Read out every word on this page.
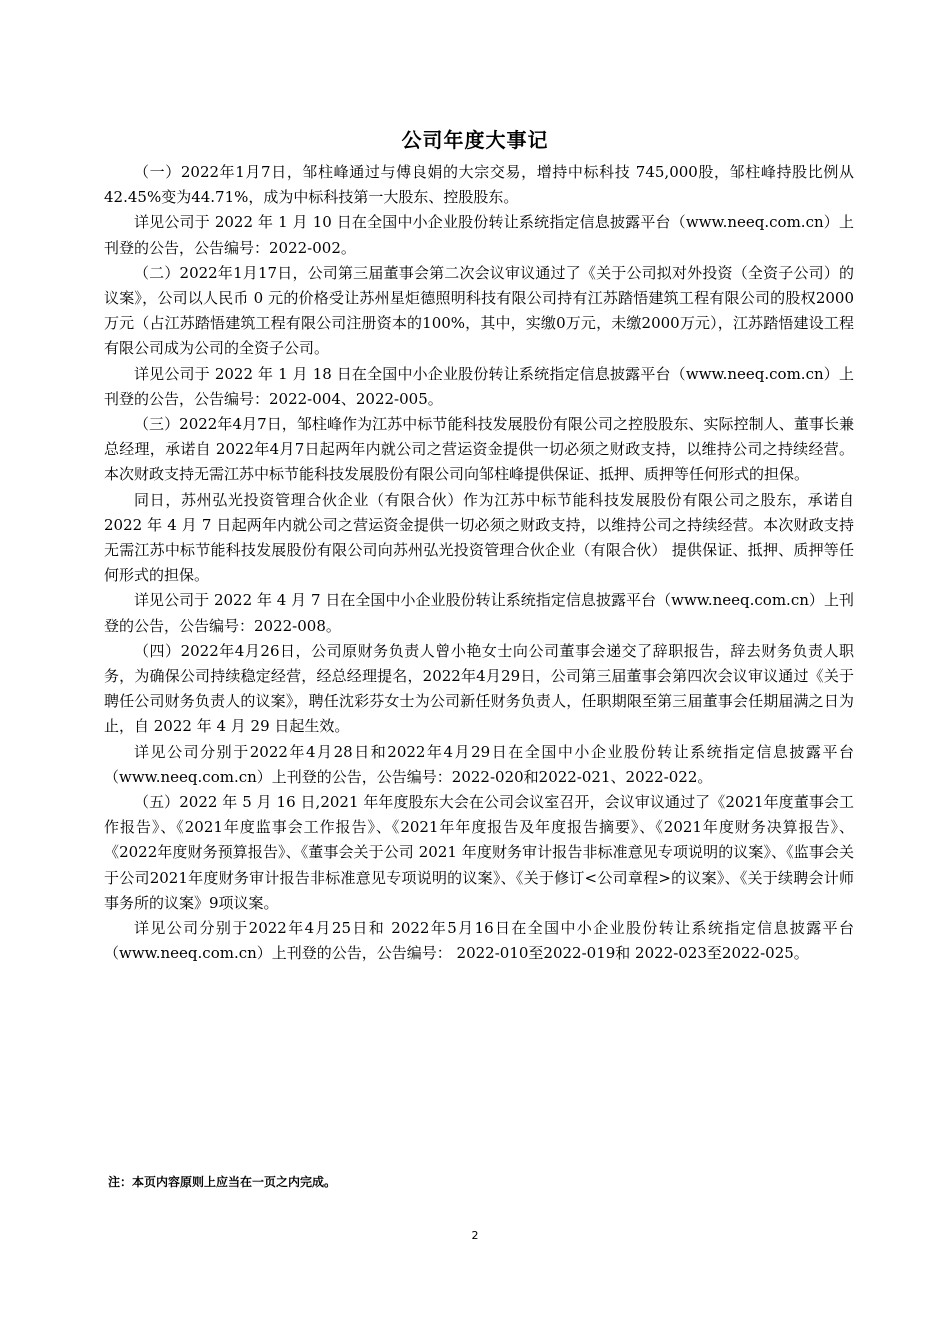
公司年度大事记

（一）2022年1月7日，邹柱峰通过与傅良娟的大宗交易，增持中标科技 745,000股，邹柱峰持股比例从42.45%变为44.71%，成为中标科技第一大股东、控股股东。

详见公司于 2022 年 1 月 10 日在全国中小企业股份转让系统指定信息披露平台（www.neeq.com.cn）上刊登的公告，公告编号：2022-002。

（二）2022年1月17日，公司第三届董事会第二次会议审议通过了《关于公司拟对外投资（全资子公司）的议案》，公司以人民币 0 元的价格受让苏州星炬德照明科技有限公司持有江苏踏悟建筑工程有限公司的股权2000万元（占江苏踏悟建筑工程有限公司注册资本的100%，其中，实缴0万元，未缴2000万元），江苏踏悟建设工程有限公司成为公司的全资子公司。

详见公司于 2022 年 1 月 18 日在全国中小企业股份转让系统指定信息披露平台（www.neeq.com.cn）上刊登的公告，公告编号：2022-004、2022-005。

（三）2022年4月7日，邹柱峰作为江苏中标节能科技发展股份有限公司之控股股东、实际控制人、董事长兼总经理，承诺自 2022年4月7日起两年内就公司之营运资金提供一切必须之财政支持，以维持公司之持续经营。本次财政支持无需江苏中标节能科技发展股份有限公司向邹柱峰提供保证、抵押、质押等任何形式的担保。

同日，苏州弘光投资管理合伙企业（有限合伙）作为江苏中标节能科技发展股份有限公司之股东，承诺自 2022 年 4 月 7 日起两年内就公司之营运资金提供一切必须之财政支持，以维持公司之持续经营。本次财政支持无需江苏中标节能科技发展股份有限公司向苏州弘光投资管理合伙企业（有限合伙） 提供保证、抵押、质押等任何形式的担保。

详见公司于 2022 年 4 月 7 日在全国中小企业股份转让系统指定信息披露平台（www.neeq.com.cn）上刊登的公告，公告编号：2022-008。

（四）2022年4月26日，公司原财务负责人曾小艳女士向公司董事会递交了辞职报告，辞去财务负责人职务，为确保公司持续稳定经营，经总经理提名，2022年4月29日，公司第三届董事会第四次会议审议通过《关于聘任公司财务负责人的议案》，聘任沈彩芬女士为公司新任财务负责人，任职期限至第三届董事会任期届满之日为止，自 2022 年 4 月 29 日起生效。

详见公司分别于2022年4月28日和2022年4月29日在全国中小企业股份转让系统指定信息披露平台（www.neeq.com.cn）上刊登的公告，公告编号：2022-020和2022-021、2022-022。

（五）2022 年 5 月 16 日,2021 年年度股东大会在公司会议室召开，会议审议通过了《2021年度董事会工作报告》、《2021年度监事会工作报告》、《2021年年度报告及年度报告摘要》、《2021年度财务决算报告》、《2022年度财务预算报告》、《董事会关于公司 2021 年度财务审计报告非标准意见专项说明的议案》、《监事会关于公司2021年度财务审计报告非标准意见专项说明的议案》、《关于修订<公司章程>的议案》、《关于续聘会计师事务所的议案》9项议案。

详见公司分别于2022年4月25日和 2022年5月16日在全国中小企业股份转让系统指定信息披露平台（www.neeq.com.cn）上刊登的公告，公告编号： 2022-010至2022-019和 2022-023至2022-025。

注：本页内容原则上应当在一页之内完成。
2
